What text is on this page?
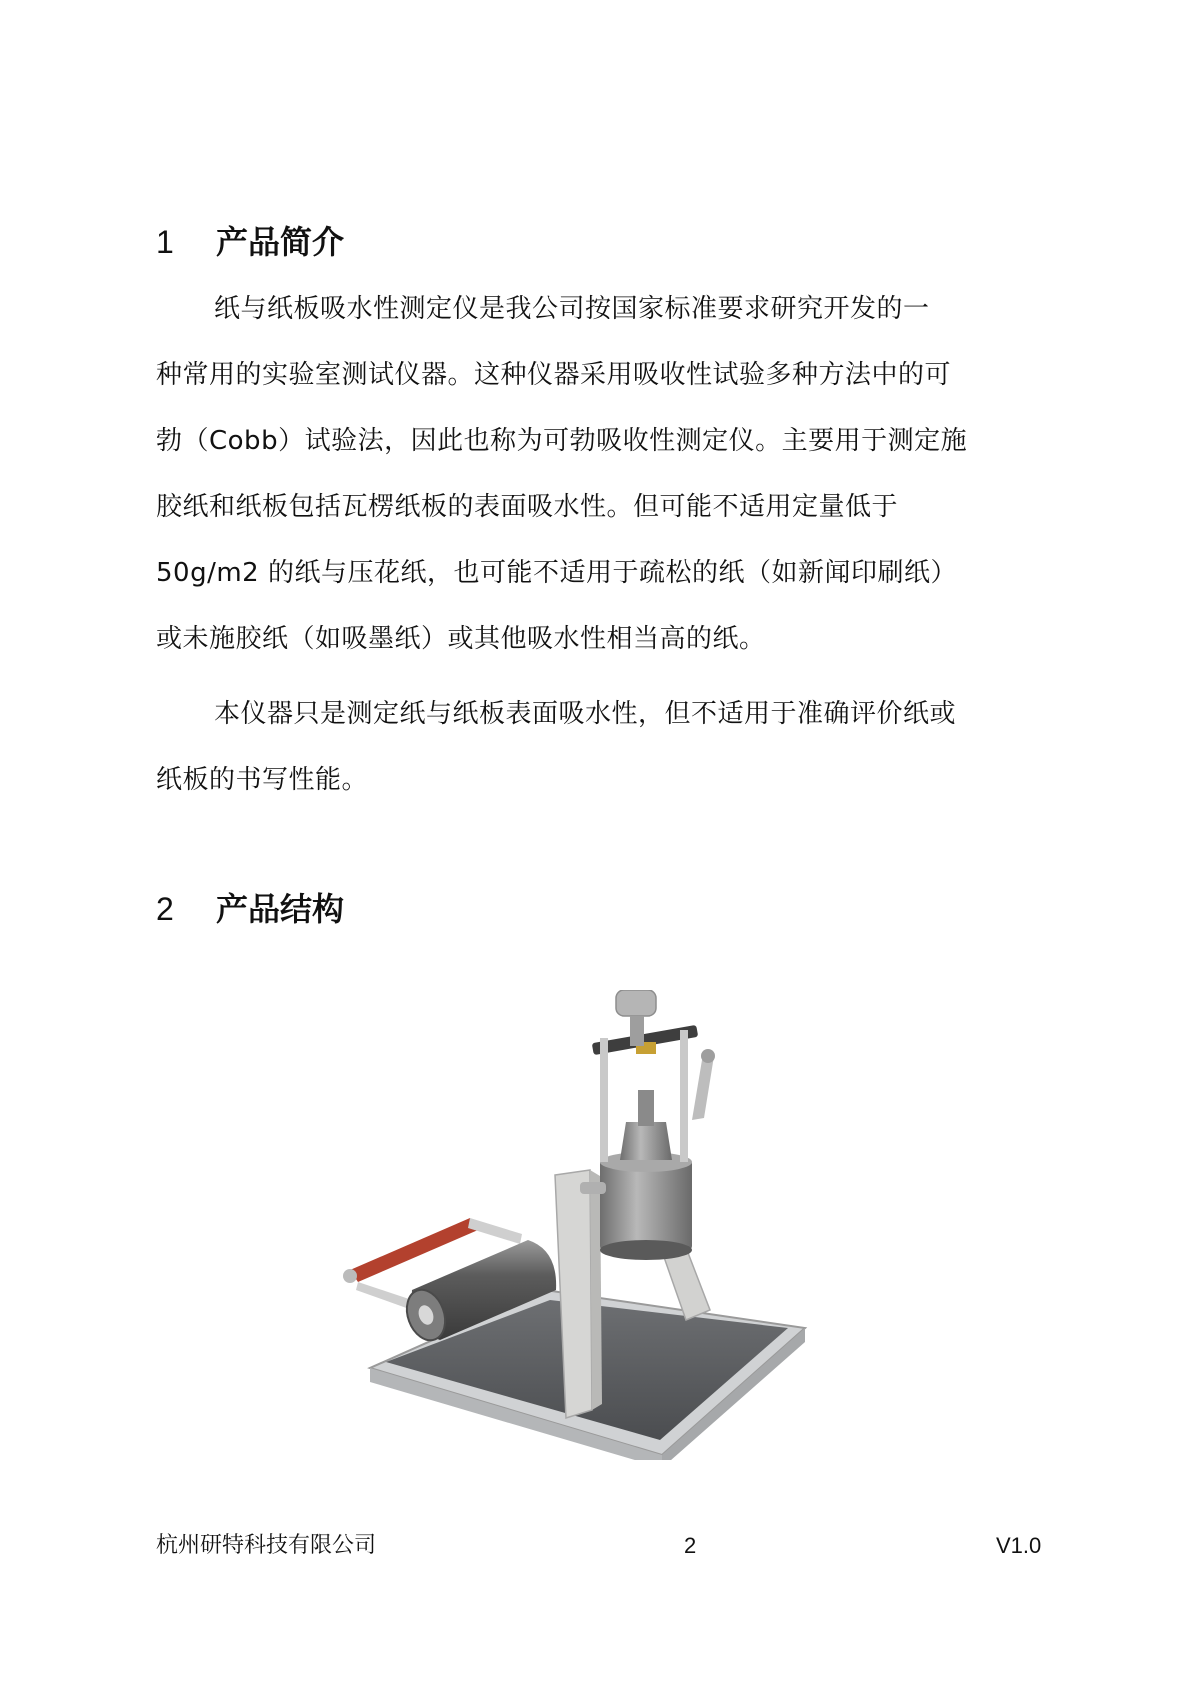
1	产品简介
纸与纸板吸水性测定仪是我公司按国家标准要求研究开发的一
种常用的实验室测试仪器。这种仪器采用吸收性试验多种方法中的可
勃（Cobb）试验法，因此也称为可勃吸收性测定仪。主要用于测定施
胶纸和纸板包括瓦楞纸板的表面吸水性。但可能不适用定量低于
50g/m2 的纸与压花纸，也可能不适用于疏松的纸（如新闻印刷纸）
或未施胶纸（如吸墨纸）或其他吸水性相当高的纸。
本仪器只是测定纸与纸板表面吸水性，但不适用于准确评价纸或
纸板的书写性能。
2	产品结构
杭州研特科技有限公司	2	V1.0
